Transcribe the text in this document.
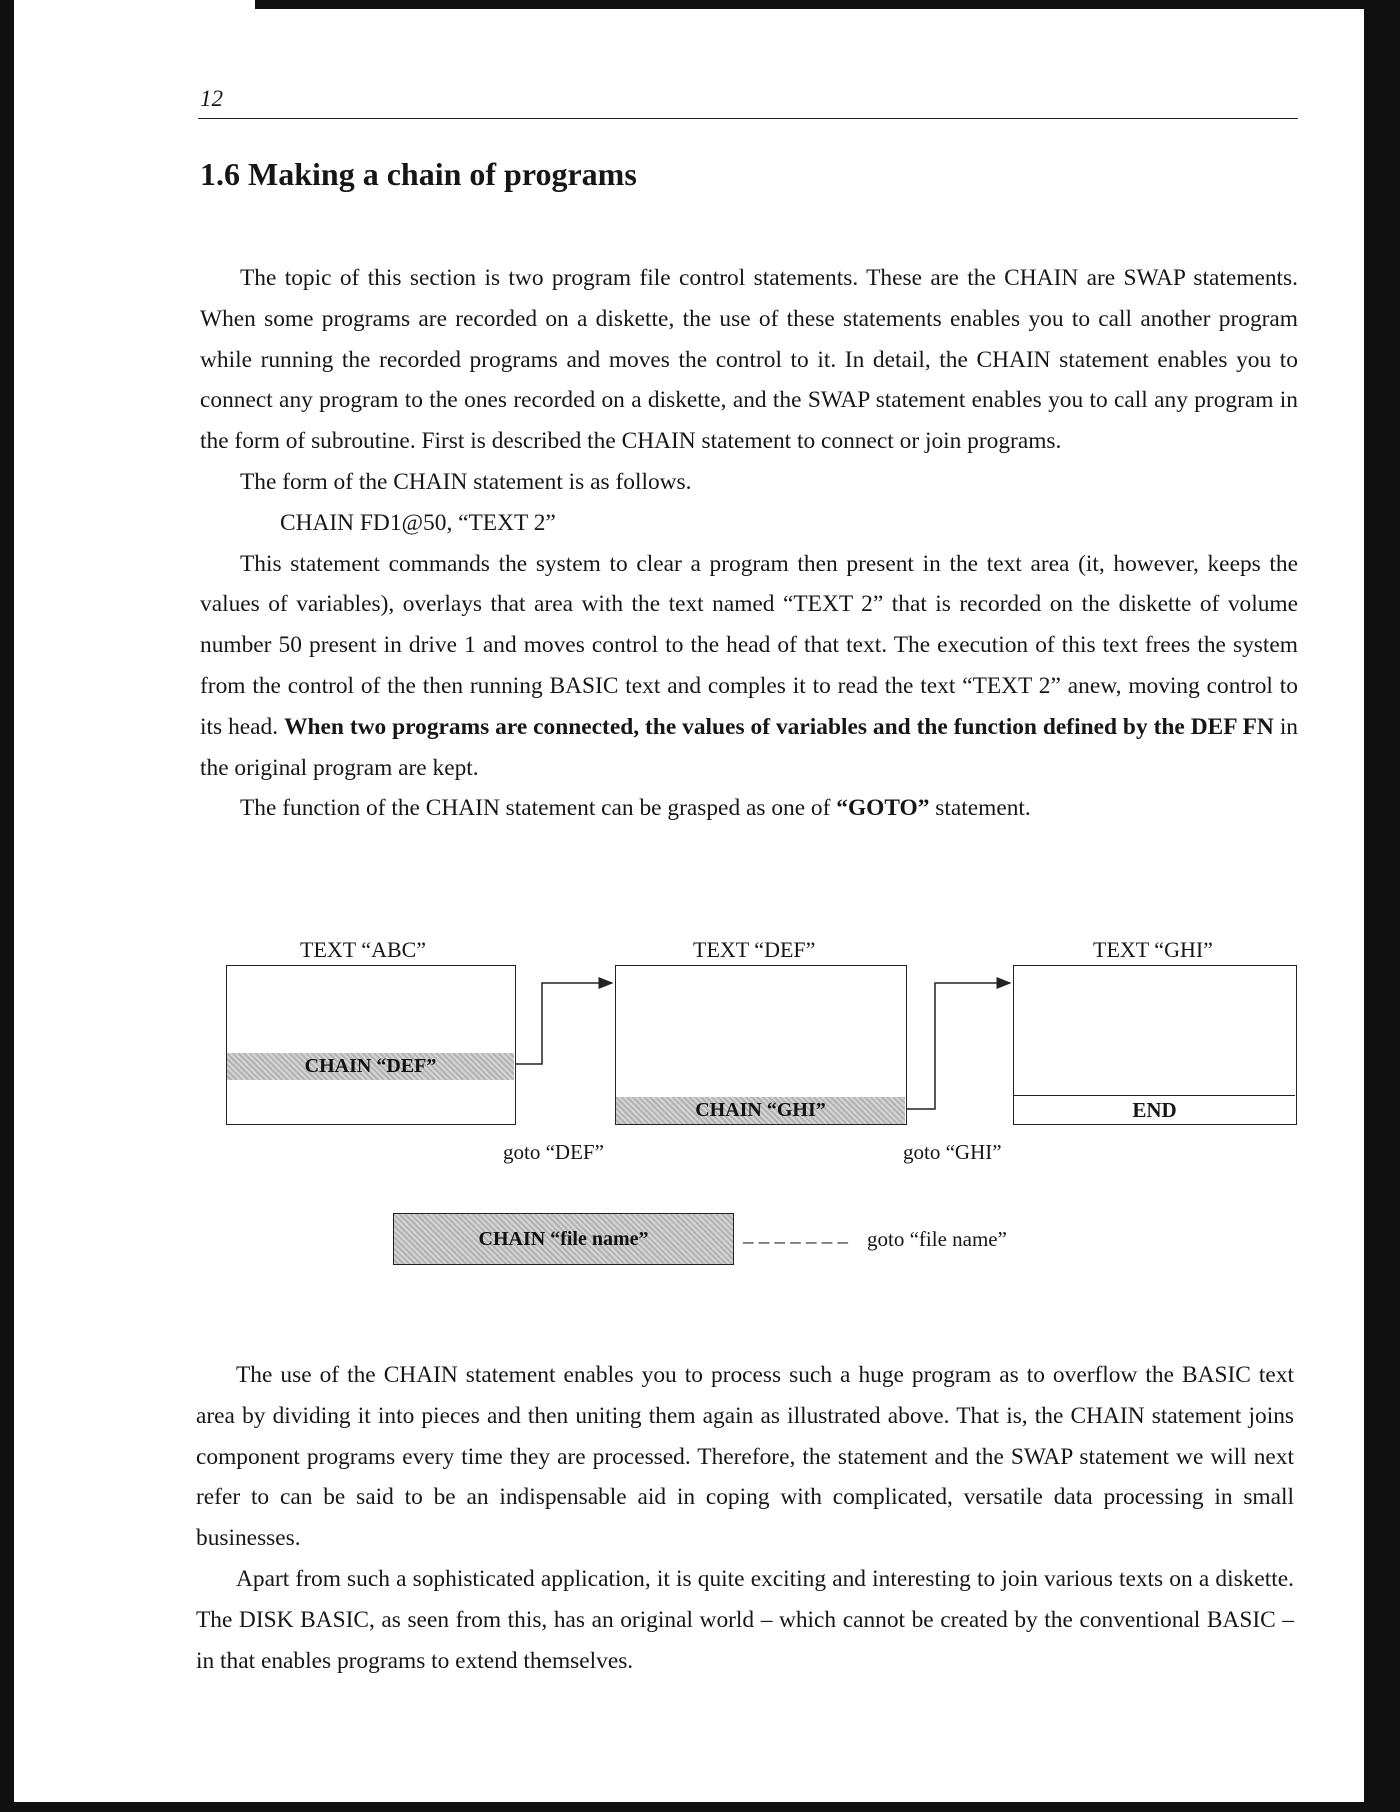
12
1.6 Making a chain of programs

The topic of this section is two program file control statements. These are the CHAIN are SWAP statements. When some programs are recorded on a diskette, the use of these statements enables you to call another program while running the recorded programs and moves the control to it. In detail, the CHAIN statement enables you to connect any program to the ones recorded on a diskette, and the SWAP statement enables you to call any program in the form of subroutine. First is described the CHAIN statement to connect or join programs.

The form of the CHAIN statement is as follows.

CHAIN FD1@50, “TEXT 2”

This statement commands the system to clear a program then present in the text area (it, however, keeps the values of variables), overlays that area with the text named “TEXT 2” that is recorded on the diskette of volume number 50 present in drive 1 and moves control to the head of that text. The execution of this text frees the system from the control of the then running BASIC text and comples it to read the text “TEXT 2” anew, moving control to its head. When two programs are connected, the values of variables and the function defined by the DEF FN in the original program are kept.

The function of the CHAIN statement can be grasped as one of “GOTO” statement.

TEXT “ABC”
CHAIN “DEF”
TEXT “DEF”
CHAIN “GHI”
TEXT “GHI”
END
goto “DEF”	goto “GHI”
CHAIN “file name”	– – – – – – – goto “file name”

The use of the CHAIN statement enables you to process such a huge program as to overflow the BASIC text area by dividing it into pieces and then uniting them again as illustrated above. That is, the CHAIN statement joins component programs every time they are processed. Therefore, the statement and the SWAP statement we will next refer to can be said to be an indispensable aid in coping with complicated, versatile data processing in small businesses.

Apart from such a sophisticated application, it is quite exciting and interesting to join various texts on a diskette. The DISK BASIC, as seen from this, has an original world – which cannot be created by the conventional BASIC – in that enables programs to extend themselves.
